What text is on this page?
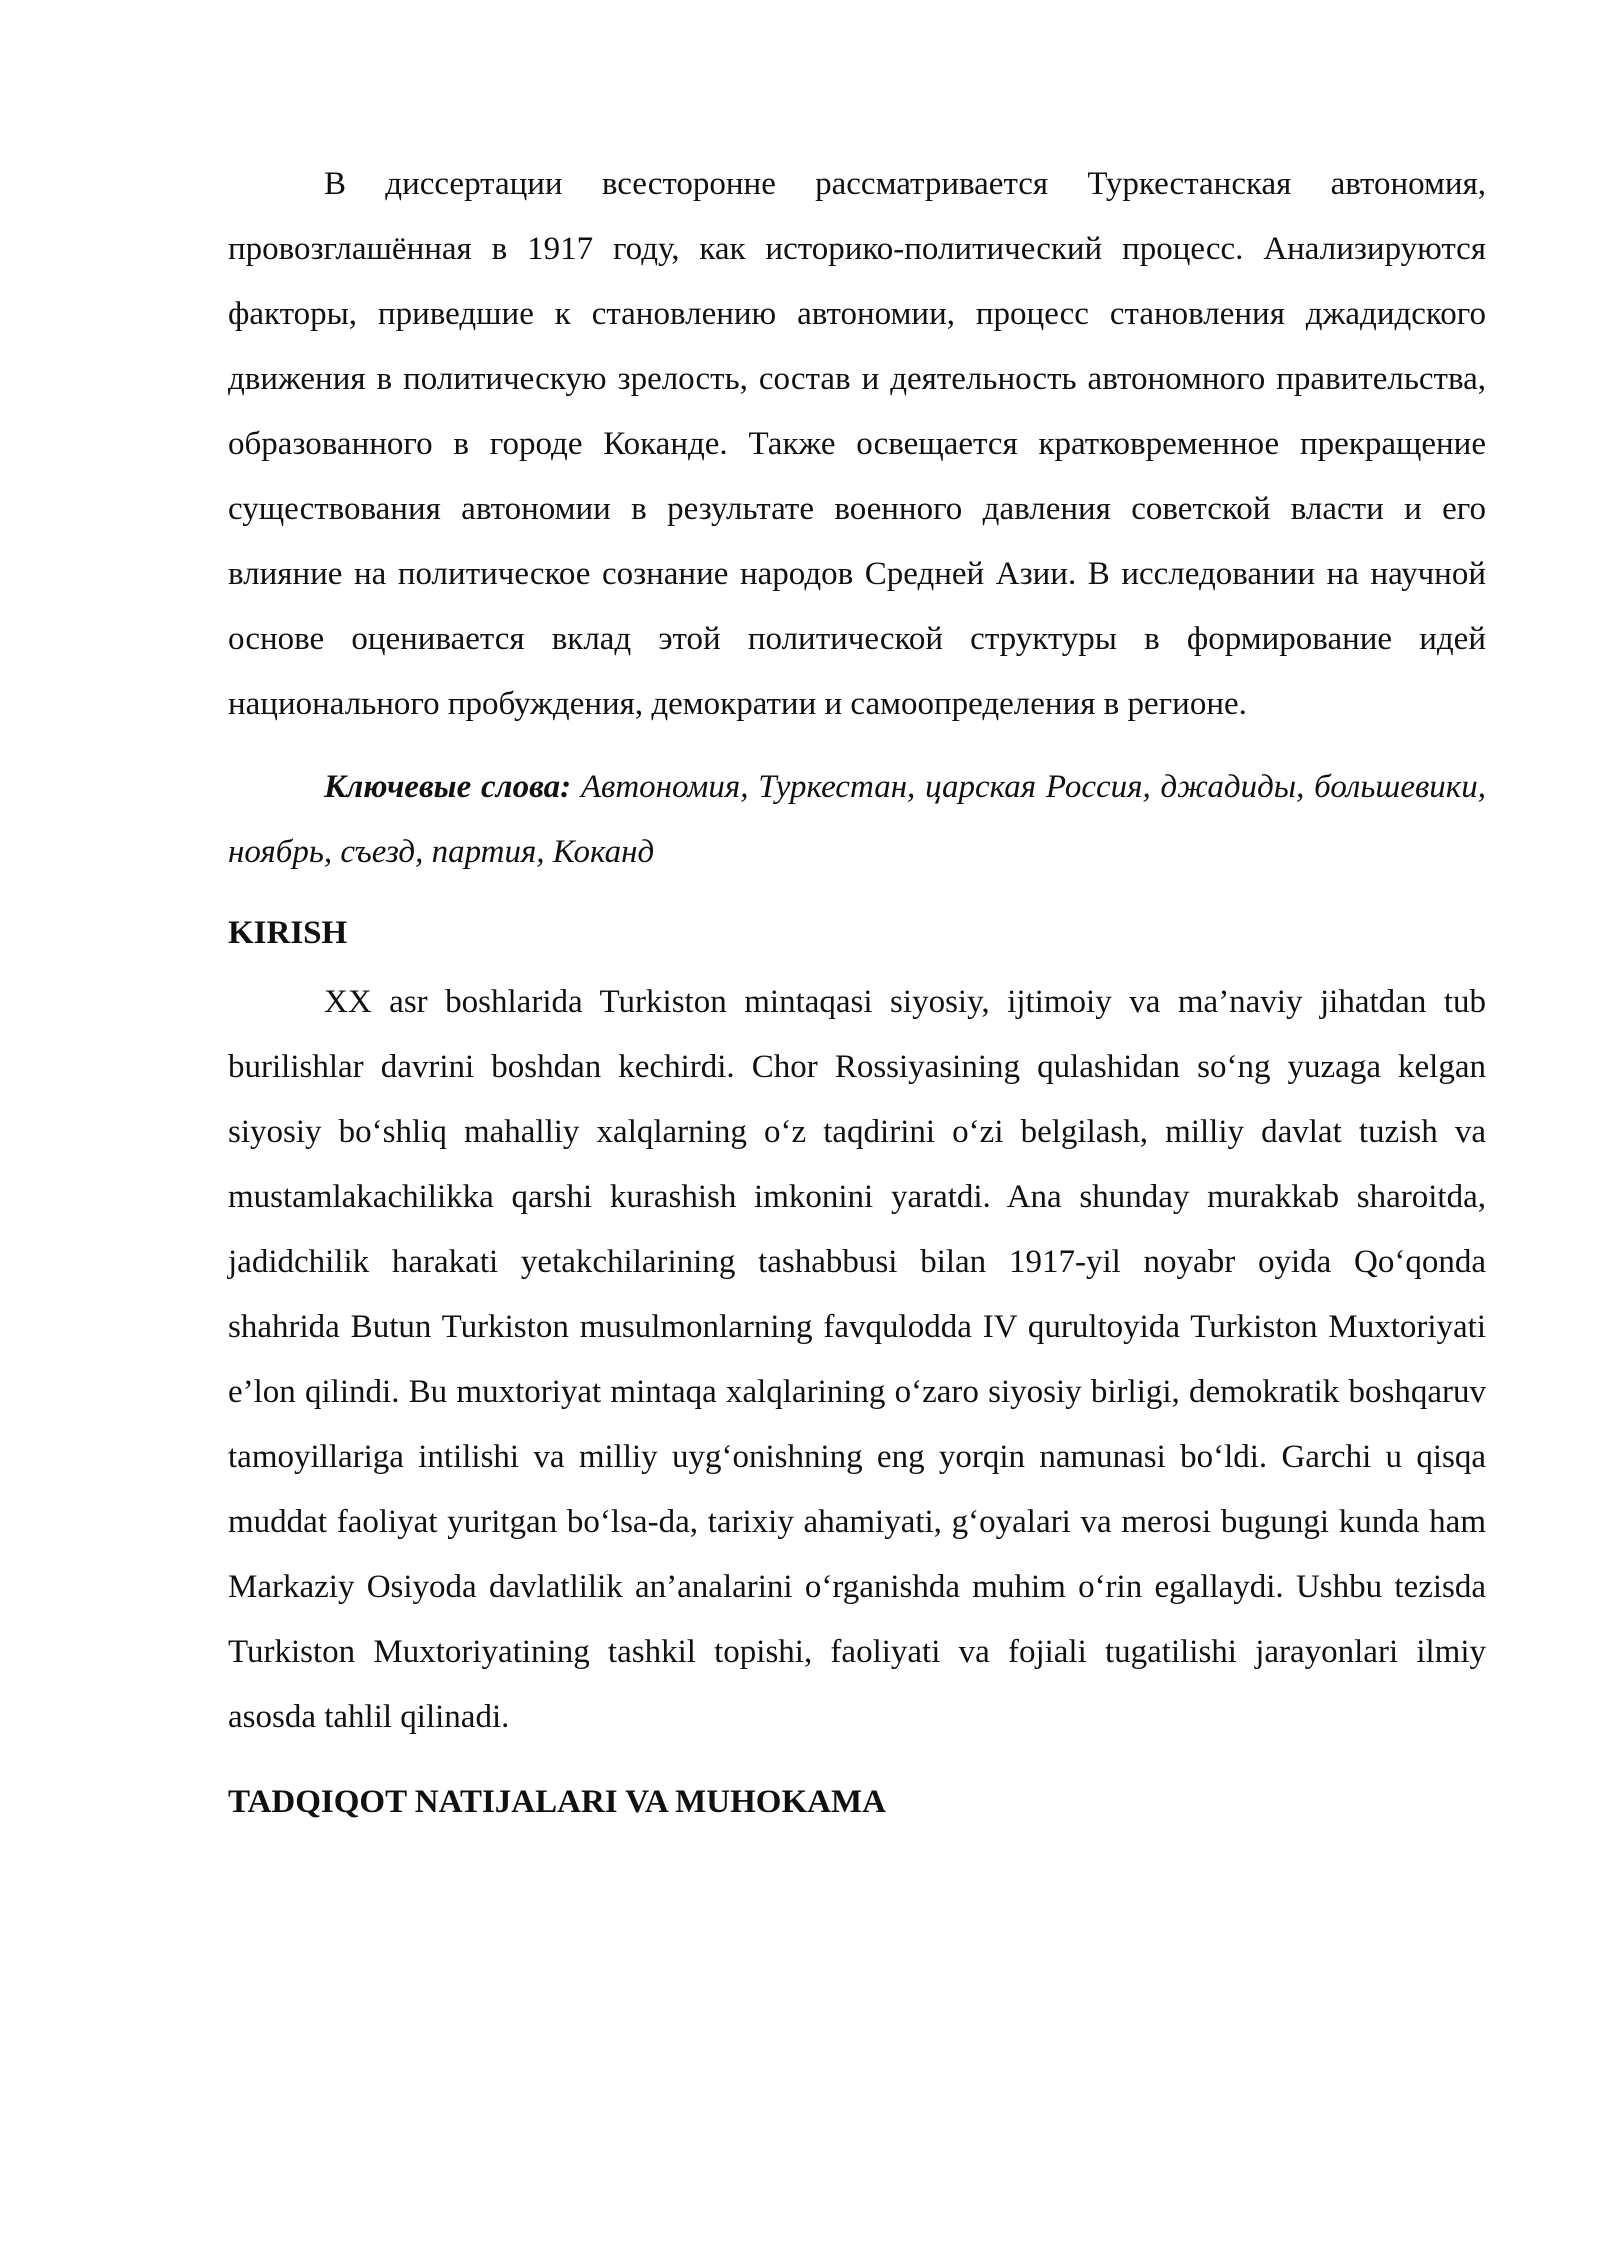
В диссертации всесторонне рассматривается Туркестанская автономия, провозглашённая в 1917 году, как историко-политический процесс. Анализируются факторы, приведшие к становлению автономии, процесс становления джадидского движения в политическую зрелость, состав и деятельность автономного правительства, образованного в городе Коканде. Также освещается кратковременное прекращение существования автономии в результате военного давления советской власти и его влияние на политическое сознание народов Средней Азии. В исследовании на научной основе оценивается вклад этой политической структуры в формирование идей национального пробуждения, демократии и самоопределения в регионе.

Ключевые слова: Автономия, Туркестан, царская Россия, джадиды, большевики, ноябрь, съезд, партия, Коканд

KIRISH

XX asr boshlarida Turkiston mintaqasi siyosiy, ijtimoiy va ma’naviy jihatdan tub burilishlar davrini boshdan kechirdi. Chor Rossiyasining qulashidan so‘ng yuzaga kelgan siyosiy bo‘shliq mahalliy xalqlarning o‘z taqdirini o‘zi belgilash, milliy davlat tuzish va mustamlakachilikka qarshi kurashish imkonini yaratdi. Ana shunday murakkab sharoitda, jadidchilik harakati yetakchilarining tashabbusi bilan 1917-yil noyabr oyida Qo‘qonda shahrida Butun Turkiston musulmonlarning favqulodda IV qurultoyida Turkiston Muxtoriyati e’lon qilindi. Bu muxtoriyat mintaqa xalqlarining o‘zaro siyosiy birligi, demokratik boshqaruv tamoyillariga intilishi va milliy uyg‘onishning eng yorqin namunasi bo‘ldi. Garchi u qisqa muddat faoliyat yuritgan bo‘lsa-da, tarixiy ahamiyati, g‘oyalari va merosi bugungi kunda ham Markaziy Osiyoda davlatlilik an’analarini o‘rganishda muhim o‘rin egallaydi. Ushbu tezisda Turkiston Muxtoriyatining tashkil topishi, faoliyati va fojiali tugatilishi jarayonlari ilmiy asosda tahlil qilinadi.

TADQIQOT NATIJALARI VA MUHOKAMA
